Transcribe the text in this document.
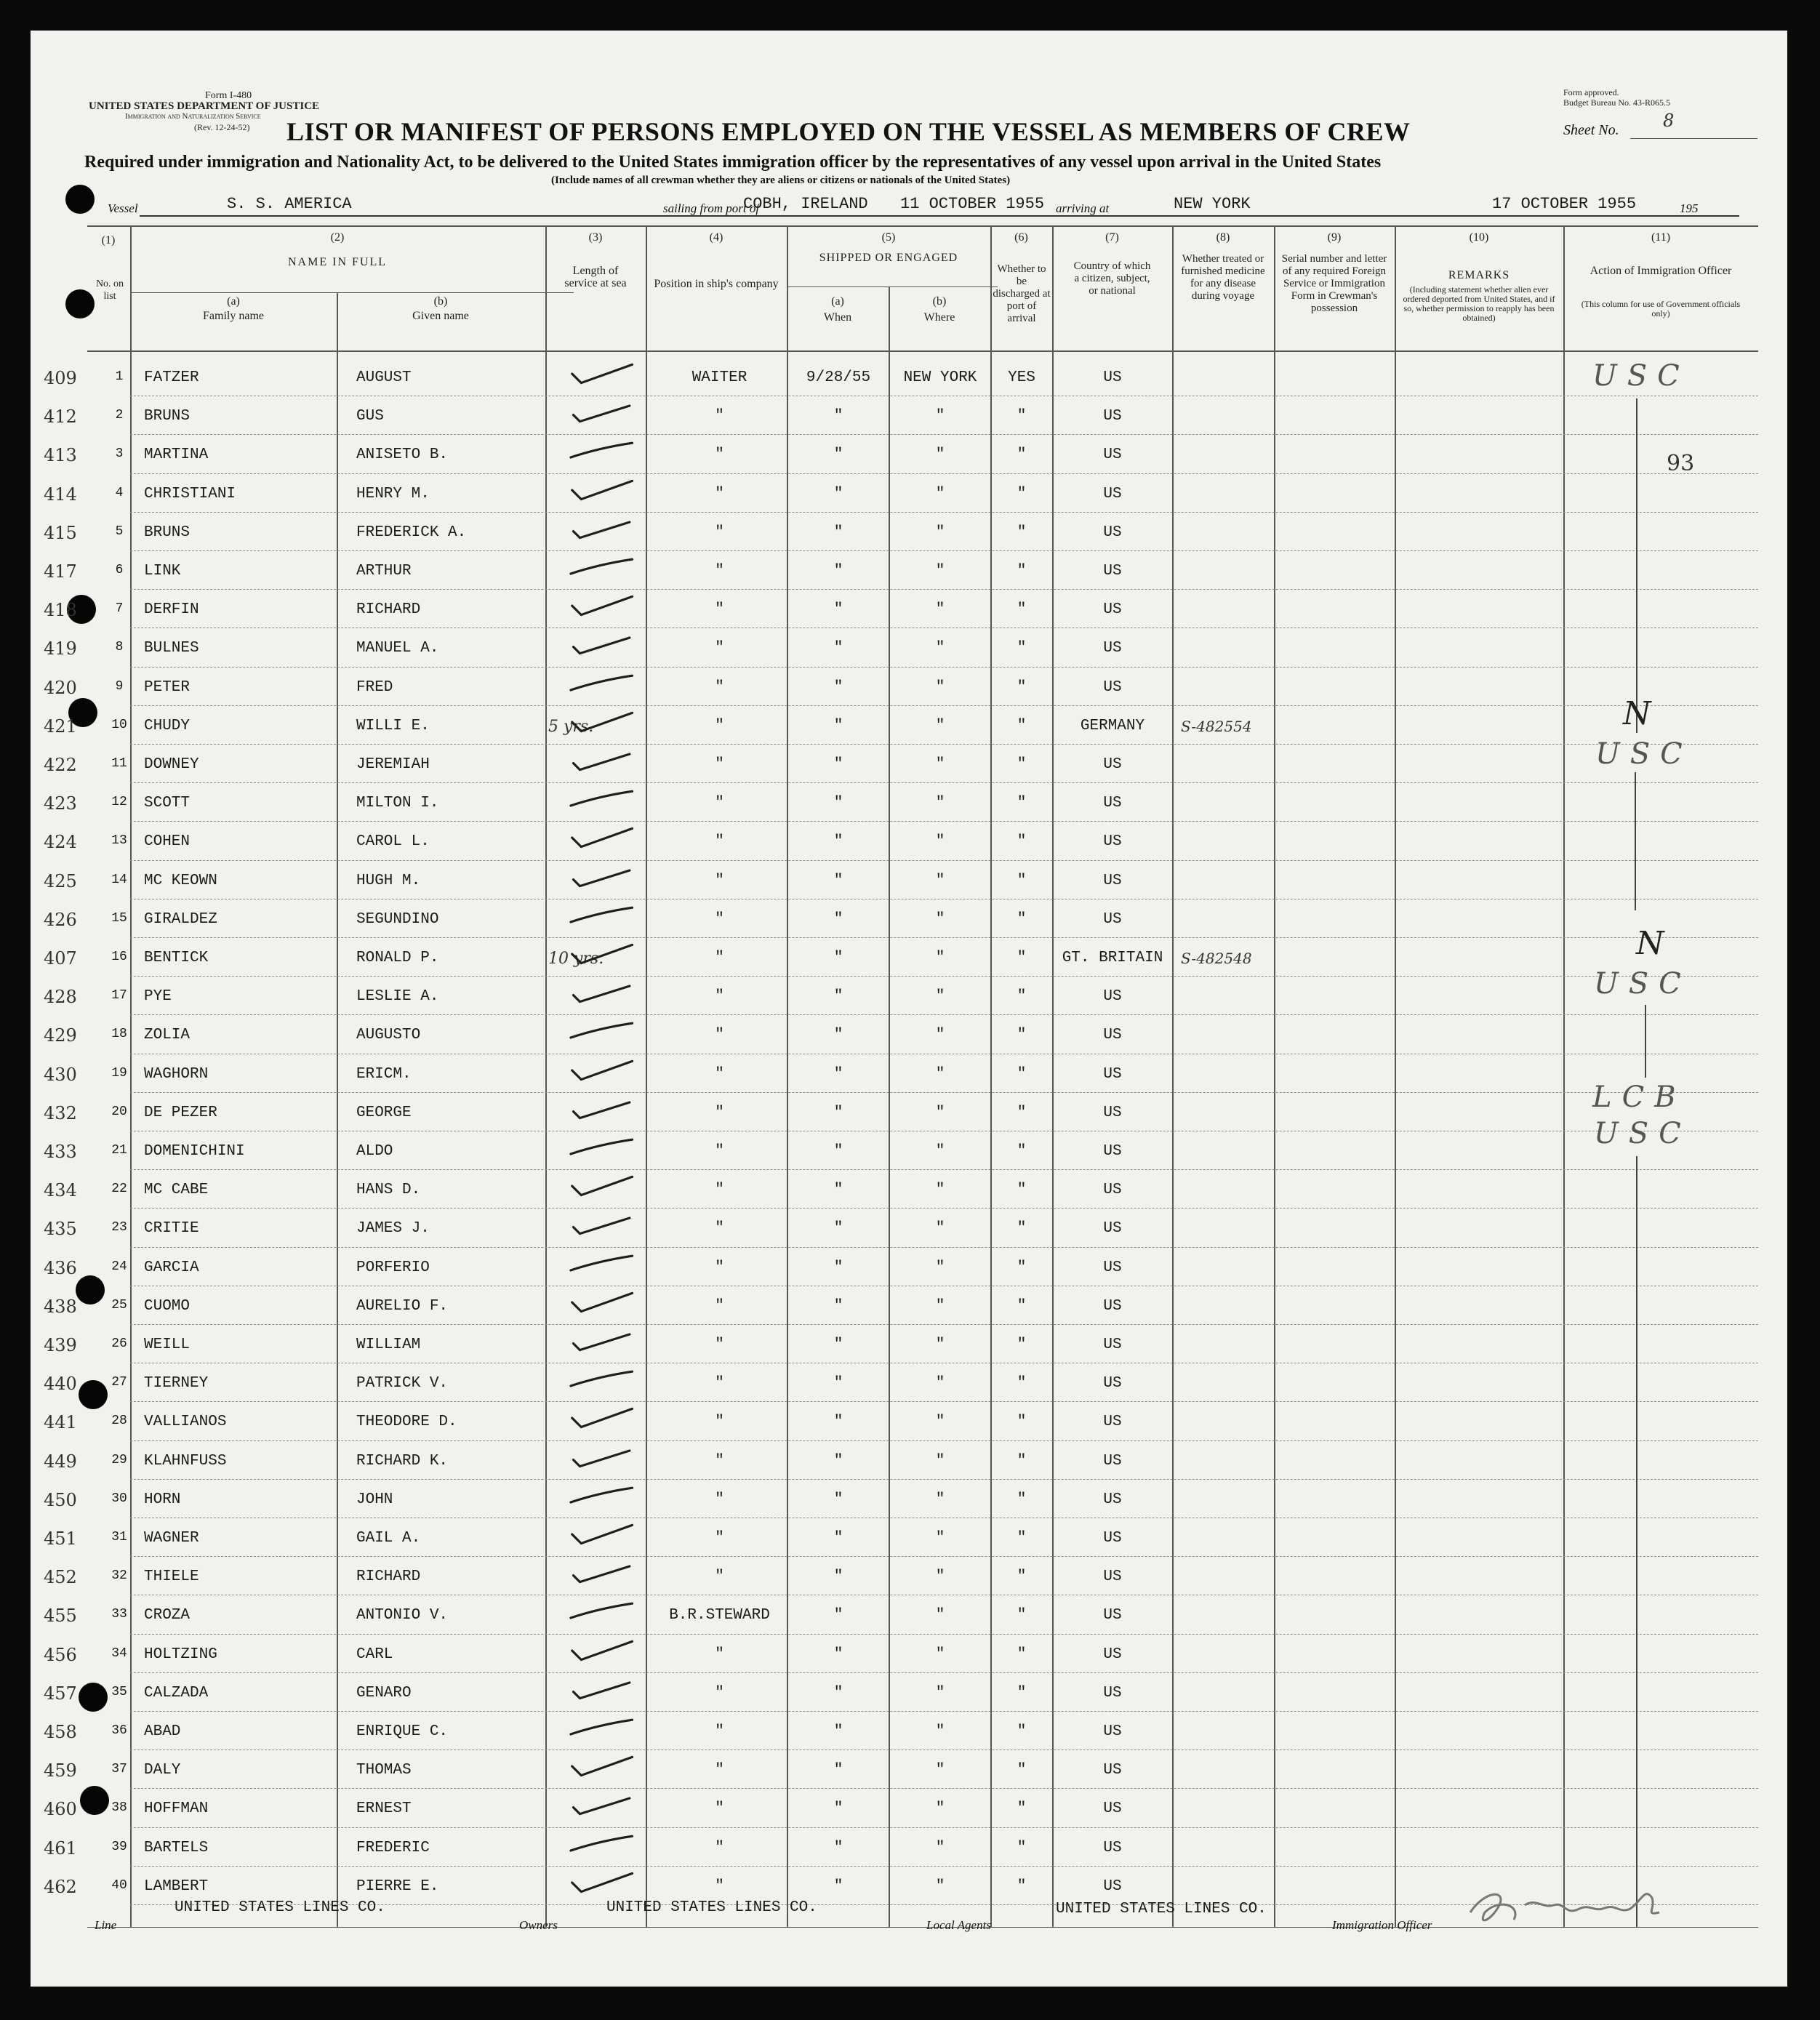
Form I-480
UNITED STATES DEPARTMENT OF JUSTICE
Immigration and Naturalization Service
(Rev. 12-24-52)
Form approved.
Budget Bureau No. 43-R065.5
Sheet No.	8
LIST OR MANIFEST OF PERSONS EMPLOYED ON THE VESSEL AS MEMBERS OF CREW
Required under immigration and Nationality Act, to be delivered to the United States immigration officer by the representatives of any vessel upon arrival in the United States
(Include names of all crewman whether they are aliens or citizens or nationals of the United States)
Vessel	S. S. AMERICA	sailing from port of
COBH, IRELAND 11 OCTOBER 1955 arriving at	NEW YORK	17 OCTOBER 1955	195
(1)
No. on list
(2)
NAME IN FULL
(a)
Family name
(b)
Given name
(3)
Length of service at sea
(4)
Position in ship's company
(5)
SHIPPED OR ENGAGED
(a)
When
(b)
Where
(6)
Whether to be discharged at port of arrival
(7)
Country of which a citizen, subject, or national
(8)
Whether treated or furnished medicine for any disease during voyage
(9)
Serial number and letter of any required Foreign Service or Immigration Form in Crewman's possession
(10)
REMARKS
(Including statement whether alien ever ordered deported from United States, and if so, whether permission to reapply has been obtained)
(11)
Action of Immigration Officer
(This column for use of Government officials only)
409	1	FATZER	AUGUST	WAITER	9/28/55	NEW YORK	YES	US
412	2	BRUNS	GUS	"	"	"	"	US
413	3	MARTINA	ANISETO B.	"	"	"	"	US
414	4	CHRISTIANI	HENRY M.	"	"	"	"	US
415	5	BRUNS	FREDERICK A.	"	"	"	"	US
417	6	LINK	ARTHUR	"	"	"	"	US
418	7	DERFIN	RICHARD	"	"	"	"	US
419	8	BULNES	MANUEL A.	"	"	"	"	US
420	9	PETER	FRED	"	"	"	"	US
421	10	CHUDY	WILLI E.	5 yrs.	"	"	"	"	GERMANY	S-482554
422	11	DOWNEY	JEREMIAH	"	"	"	"	US
423	12	SCOTT	MILTON I.	"	"	"	"	US
424	13	COHEN	CAROL L.	"	"	"	"	US
425	14	MC KEOWN	HUGH M.	"	"	"	"	US
426	15	GIRALDEZ	SEGUNDINO	"	"	"	"	US
407	16	BENTICK	RONALD P.	10 yrs.	"	"	"	"	GT. BRITAIN	S-482548
428	17	PYE	LESLIE A.	"	"	"	"	US
429	18	ZOLIA	AUGUSTO	"	"	"	"	US
430	19	WAGHORN	ERICM.	"	"	"	"	US
432	20	DE PEZER	GEORGE	"	"	"	"	US
433	21	DOMENICHINI	ALDO	"	"	"	"	US
434	22	MC CABE	HANS D.	"	"	"	"	US
435	23	CRITIE	JAMES J.	"	"	"	"	US
436	24	GARCIA	PORFERIO	"	"	"	"	US
438	25	CUOMO	AURELIO F.	"	"	"	"	US
439	26	WEILL	WILLIAM	"	"	"	"	US
440	27	TIERNEY	PATRICK V.	"	"	"	"	US
441	28	VALLIANOS	THEODORE D.	"	"	"	"	US
449	29	KLAHNFUSS	RICHARD K.	"	"	"	"	US
450	30	HORN	JOHN	"	"	"	"	US
451	31	WAGNER	GAIL A.	"	"	"	"	US
452	32	THIELE	RICHARD	"	"	"	"	US
455	33	CROZA	ANTONIO V.	B.R.STEWARD	"	"	"	US
456	34	HOLTZING	CARL	"	"	"	"	US
457	35	CALZADA	GENARO	"	"	"	"	US
458	36	ABAD	ENRIQUE C.	"	"	"	"	US
459	37	DALY	THOMAS	"	"	"	"	US
460	38	HOFFMAN	ERNEST	"	"	"	"	US
461	39	BARTELS	FREDERIC	"	"	"	"	US
462	40	LAMBERT	PIERRE E.	"	"	"	"	US
USC
93
N
USC
N
USC
LCB
USC
Line
UNITED STATES LINES CO.
Owners
UNITED STATES LINES CO.
Local Agents
UNITED STATES LINES CO.
Immigration Officer
